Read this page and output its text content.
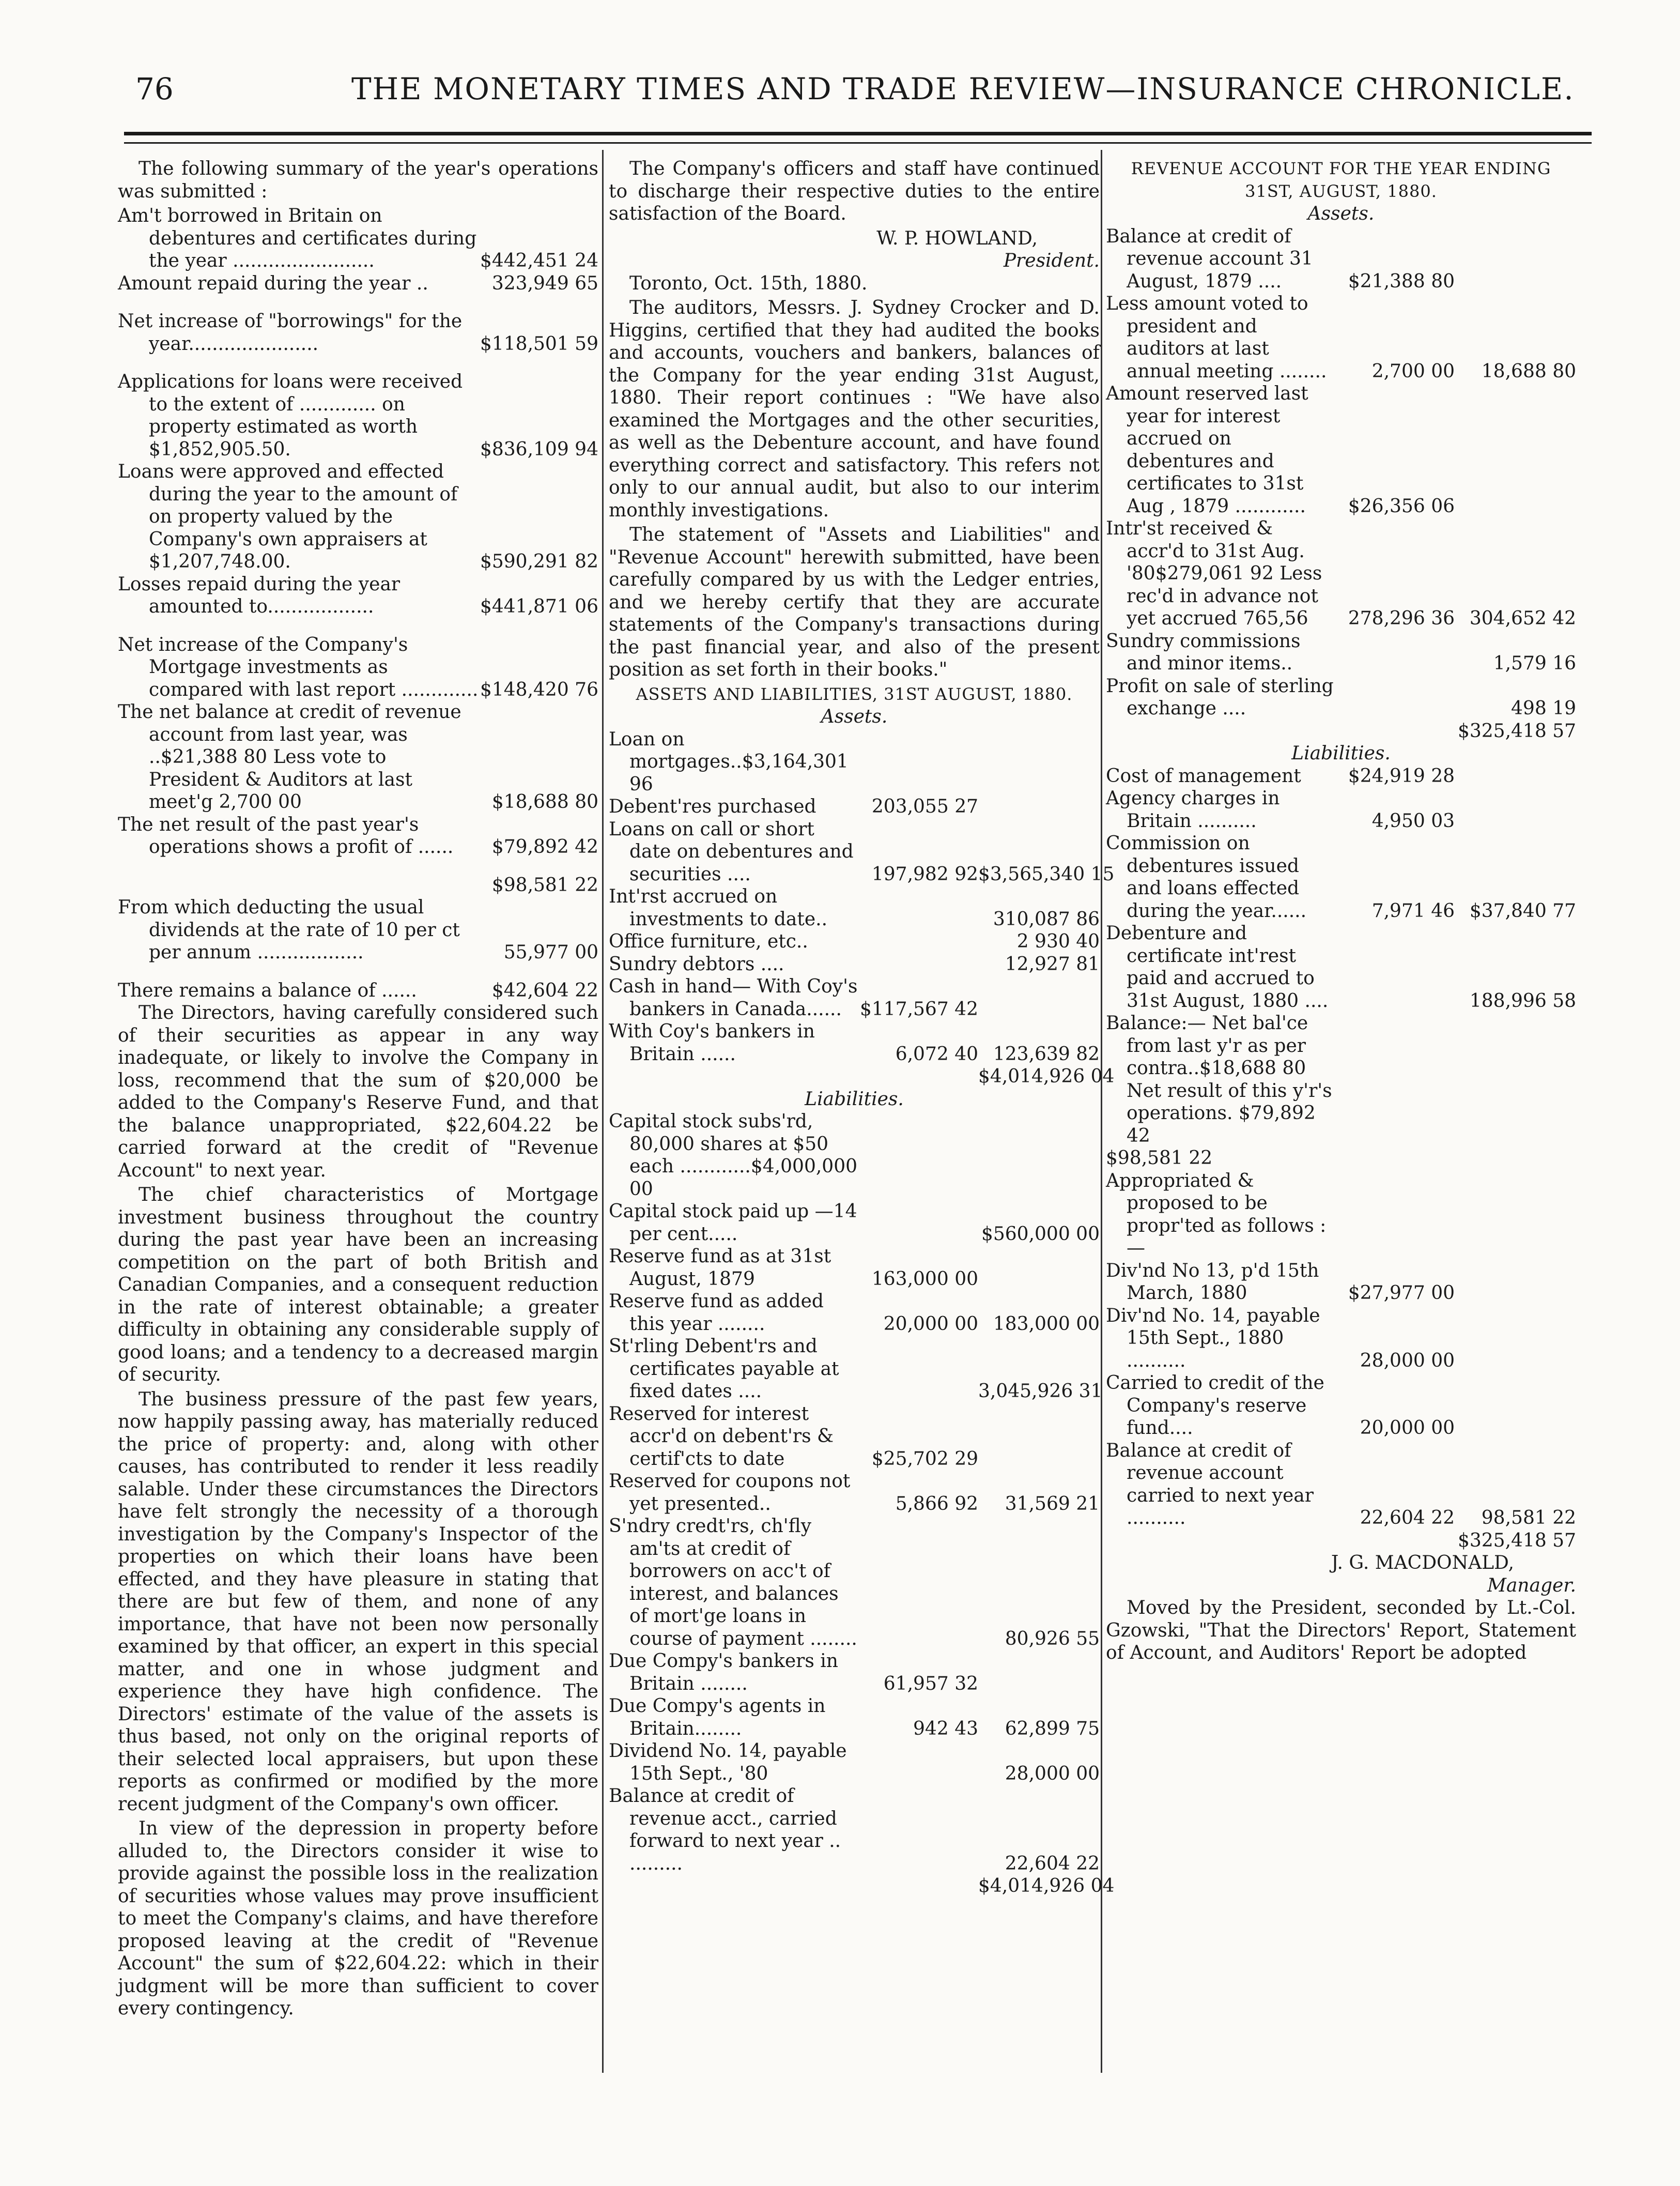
76	THE MONETARY TIMES AND TRADE REVIEW—INSURANCE CHRONICLE.

The following summary of the year's operations was submitted :

Am't borrowed in Britain on debentures and certificates during the year ........................	$442,451 24
Amount repaid during the year ..	323,949 65
Net increase of "borrowings" for the year......................	$118,501 59
Applications for loans were received to the extent of ............. on property estimated as worth $1,852,905.50.	$836,109 94
Loans were approved and effected during the year to the amount of on property valued by the Company's own appraisers at $1,207,748.00.	$590,291 82
Losses repaid during the year amounted to..................	$441,871 06
Net increase of the Company's Mortgage investments as compared with last report ............. $148,420 76
The net balance at credit of revenue account from last year, was ..$21,388 80 Less vote to President & Auditors at last meet'g 2,700 00	$18,688 80
The net result of the past year's operations shows a profit of ......	$79,892 42
$98,581 22
From which deducting the usual dividends at the rate of 10 per ct per annum ..................	55,977 00
There remains a balance of ......	$42,604 22

The Directors, having carefully considered such of their securities as appear in any way inadequate, or likely to involve the Company in loss, recommend that the sum of $20,000 be added to the Company's Reserve Fund, and that the balance unappropriated, $22,604.22 be carried forward at the credit of "Revenue Account" to next year.

The chief characteristics of Mortgage investment business throughout the country during the past year have been an increasing competition on the part of both British and Canadian Companies, and a consequent reduction in the rate of interest obtainable; a greater difficulty in obtaining any considerable supply of good loans; and a tendency to a decreased margin of security.

The business pressure of the past few years, now happily passing away, has materially reduced the price of property: and, along with other causes, has contributed to render it less readily salable. Under these circumstances the Directors have felt strongly the necessity of a thorough investigation by the Company's Inspector of the properties on which their loans have been effected, and they have pleasure in stating that there are but few of them, and none of any importance, that have not been now personally examined by that officer, an expert in this special matter, and one in whose judgment and experience they have high confidence. The Directors' estimate of the value of the assets is thus based, not only on the original reports of their selected local appraisers, but upon these reports as confirmed or modified by the more recent judgment of the Company's own officer.

In view of the depression in property before alluded to, the Directors consider it wise to provide against the possible loss in the realization of securities whose values may prove insufficient to meet the Company's claims, and have therefore proposed leaving at the credit of "Revenue Account" the sum of $22,604.22: which in their judgment will be more than sufficient to cover every contingency.

The Company's officers and staff have continued to discharge their respective duties to the entire satisfaction of the Board.

W. P. HOWLAND,
President.

Toronto, Oct. 15th, 1880.

The auditors, Messrs. J. Sydney Crocker and D. Higgins, certified that they had audited the books and accounts, vouchers and bankers, balances of the Company for the year ending 31st August, 1880. Their report continues : "We have also examined the Mortgages and the other securities, as well as the Debenture account, and have found everything correct and satisfactory. This refers not only to our annual audit, but also to our interim monthly investigations.

The statement of "Assets and Liabilities" and "Revenue Account" herewith submitted, have been carefully compared by us with the Ledger entries, and we hereby certify that they are accurate statements of the Company's transactions during the past financial year, and also of the present position as set forth in their books."

ASSETS AND LIABILITIES, 31ST AUGUST, 1880.
Assets.
Loan on mortgages..$3,164,301 96
Debent'res purchased	203,055 27
Loans on call or short date on debentures and securities ....	197,982 92 $3,565,340 15
Int'rst accrued on investments to date..	310,087 86
Office furniture, etc..	2 930 40
Sundry debtors ....	12,927 81
Cash in hand— With Coy's bankers in Canada...... $117,567 42
With Coy's bankers in Britain ......	6,072 40 123,639 82
$4,014,926 04
Liabilities.
Capital stock subs'rd, 80,000 shares at $50 each ............$4,000,000 00
Capital stock paid up —14 per cent.....	$560,000 00
Reserve fund as at 31st August, 1879	163,000 00
Reserve fund as added this year ........	20,000 00 183,000 00
St'rling Debent'rs and certificates payable at fixed dates ....	3,045,926 31
Reserved for interest accr'd on debent'rs & certif'cts to date	$25,702 29
Reserved for coupons not yet presented..	5,866 92	31,569 21
S'ndry credt'rs, ch'fly am'ts at credit of borrowers on acc't of interest, and balances of mort'ge loans in course of payment ........	80,926 55
Due Compy's bankers in Britain ........	61,957 32
Due Compy's agents in Britain........	942 43	62,899 75
Dividend No. 14, payable 15th Sept., '80	28,000 00
Balance at credit of revenue acct., carried forward to next year .. .........	22,604 22
$4,014,926 04
REVENUE ACCOUNT FOR THE YEAR ENDING 31ST, AUGUST, 1880.
Assets.
Balance at credit of revenue account 31 August, 1879 ....	$21,388 80
Less amount voted to president and auditors at last annual meeting ........	2,700 00	18,688 80
Amount reserved last year for interest accrued on debentures and certificates to 31st Aug , 1879 ............	$26,356 06
Intr'st received & accr'd to 31st Aug. '80$279,061 92 Less rec'd in advance not yet accrued 765,56	278,296 36 304,652 42
Sundry commissions and minor items..	1,579 16
Profit on sale of sterling exchange ....	498 19
$325,418 57
Liabilities.
Cost of management	$24,919 28
Agency charges in Britain ..........	4,950 03
Commission on debentures issued and loans effected during the year......	7,971 46 $37,840 77
Debenture and certificate int'rest paid and accrued to 31st August, 1880 ....	188,996 58
Balance:— Net bal'ce from last y'r as per contra..$18,688 80 Net result of this y'r's operations. $79,892 42
$98,581 22
Appropriated & proposed to be propr'ted as follows :—
Div'nd No 13, p'd 15th March, 1880	$27,977 00
Div'nd No. 14, payable 15th Sept., 1880 ..........	28,000 00
Carried to credit of the Company's reserve fund....	20,000 00
Balance at credit of revenue account carried to next year ..........	22,604 22	98,581 22
$325,418 57
J. G. MACDONALD,
Manager.

Moved by the President, seconded by Lt.-Col. Gzowski, "That the Directors' Report, Statement of Account, and Auditors' Report be adopted
